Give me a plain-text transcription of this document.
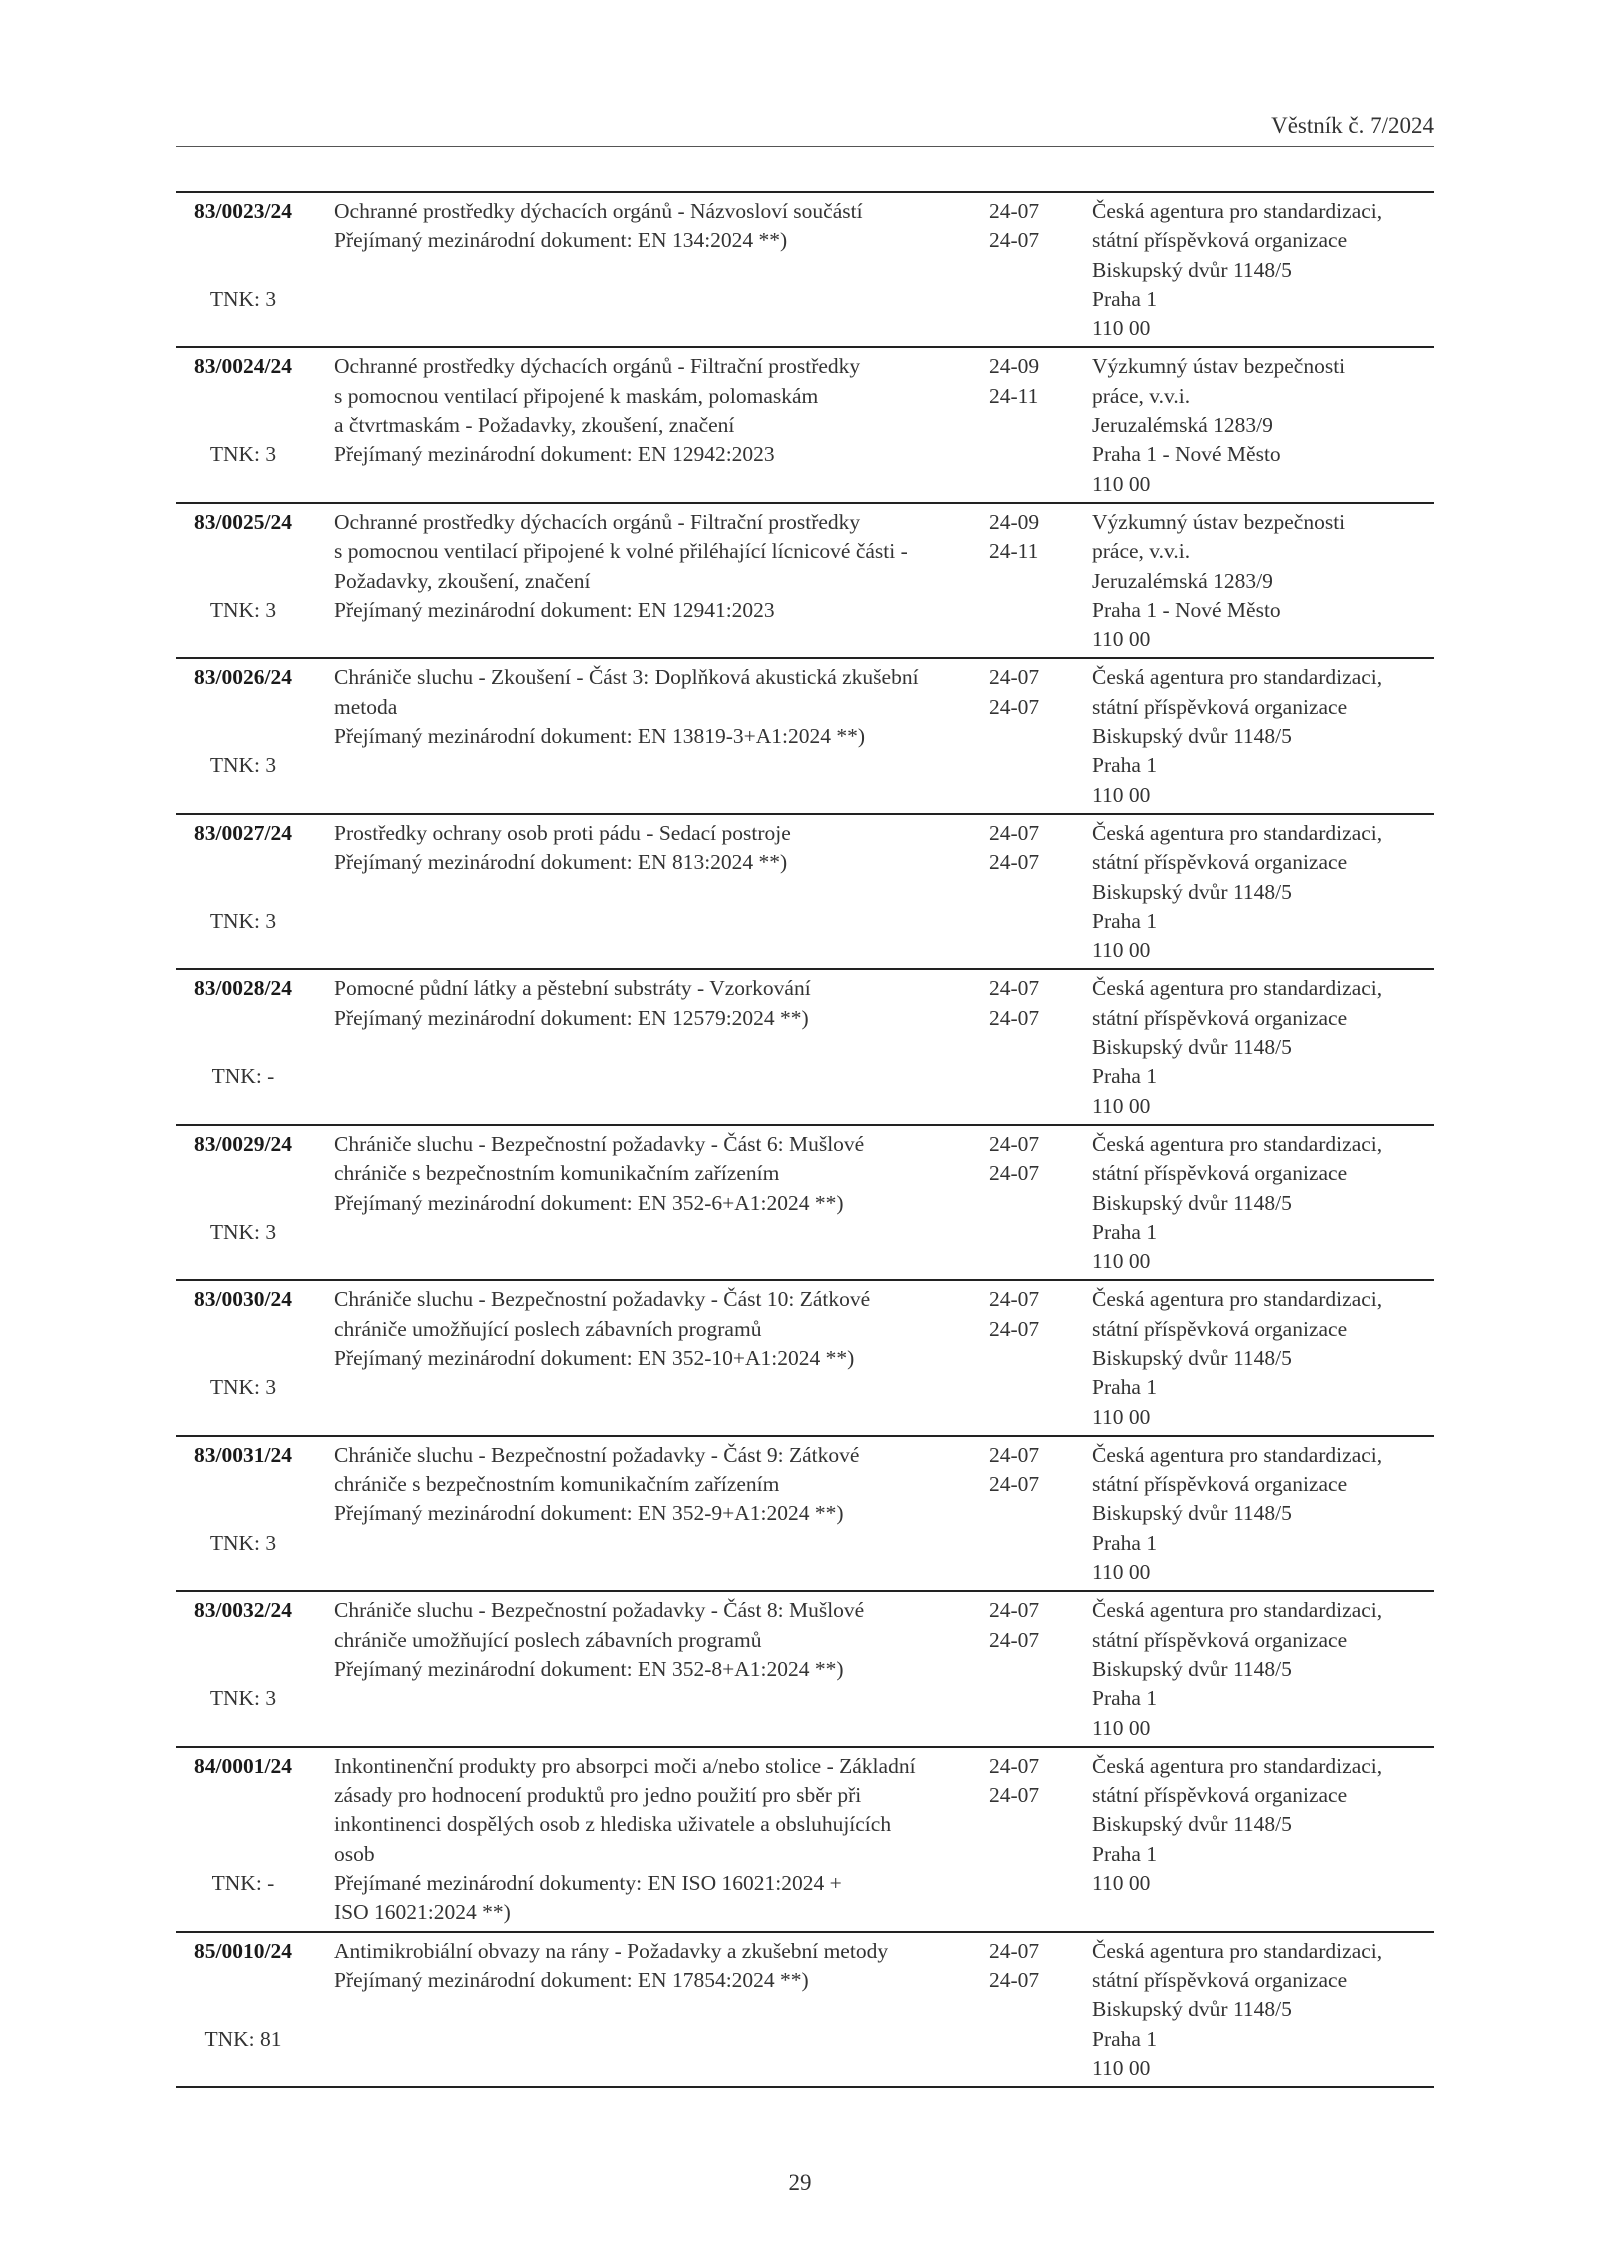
Věstník č. 7/2024
83/0023/24
TNK: 3
Ochranné prostředky dýchacích orgánů - Názvosloví součástí
Přejímaný mezinárodní dokument: EN 134:2024 **)
24-07
24-07
Česká agentura pro standardizaci,
státní příspěvková organizace
Biskupský dvůr 1148/5
Praha 1
110 00
83/0024/24
TNK: 3
Ochranné prostředky dýchacích orgánů - Filtrační prostředky
s pomocnou ventilací připojené k maskám, polomaskám
a čtvrtmaskám - Požadavky, zkoušení, značení
Přejímaný mezinárodní dokument: EN 12942:2023
24-09
24-11
Výzkumný ústav bezpečnosti
práce, v.v.i.
Jeruzalémská 1283/9
Praha 1 - Nové Město
110 00
83/0025/24
TNK: 3
Ochranné prostředky dýchacích orgánů - Filtrační prostředky
s pomocnou ventilací připojené k volné přiléhající lícnicové části -
Požadavky, zkoušení, značení
Přejímaný mezinárodní dokument: EN 12941:2023
24-09
24-11
Výzkumný ústav bezpečnosti
práce, v.v.i.
Jeruzalémská 1283/9
Praha 1 - Nové Město
110 00
83/0026/24
TNK: 3
Chrániče sluchu - Zkoušení - Část 3: Doplňková akustická zkušební
metoda
Přejímaný mezinárodní dokument: EN 13819-3+A1:2024 **)
24-07
24-07
Česká agentura pro standardizaci,
státní příspěvková organizace
Biskupský dvůr 1148/5
Praha 1
110 00
83/0027/24
TNK: 3
Prostředky ochrany osob proti pádu - Sedací postroje
Přejímaný mezinárodní dokument: EN 813:2024 **)
24-07
24-07
Česká agentura pro standardizaci,
státní příspěvková organizace
Biskupský dvůr 1148/5
Praha 1
110 00
83/0028/24
TNK: -
Pomocné půdní látky a pěstební substráty - Vzorkování
Přejímaný mezinárodní dokument: EN 12579:2024 **)
24-07
24-07
Česká agentura pro standardizaci,
státní příspěvková organizace
Biskupský dvůr 1148/5
Praha 1
110 00
83/0029/24
TNK: 3
Chrániče sluchu - Bezpečnostní požadavky - Část 6: Mušlové
chrániče s bezpečnostním komunikačním zařízením
Přejímaný mezinárodní dokument: EN 352-6+A1:2024 **)
24-07
24-07
Česká agentura pro standardizaci,
státní příspěvková organizace
Biskupský dvůr 1148/5
Praha 1
110 00
83/0030/24
TNK: 3
Chrániče sluchu - Bezpečnostní požadavky - Část 10: Zátkové
chrániče umožňující poslech zábavních programů
Přejímaný mezinárodní dokument: EN 352-10+A1:2024 **)
24-07
24-07
Česká agentura pro standardizaci,
státní příspěvková organizace
Biskupský dvůr 1148/5
Praha 1
110 00
83/0031/24
TNK: 3
Chrániče sluchu - Bezpečnostní požadavky - Část 9: Zátkové
chrániče s bezpečnostním komunikačním zařízením
Přejímaný mezinárodní dokument: EN 352-9+A1:2024 **)
24-07
24-07
Česká agentura pro standardizaci,
státní příspěvková organizace
Biskupský dvůr 1148/5
Praha 1
110 00
83/0032/24
TNK: 3
Chrániče sluchu - Bezpečnostní požadavky - Část 8: Mušlové
chrániče umožňující poslech zábavních programů
Přejímaný mezinárodní dokument: EN 352-8+A1:2024 **)
24-07
24-07
Česká agentura pro standardizaci,
státní příspěvková organizace
Biskupský dvůr 1148/5
Praha 1
110 00
84/0001/24
TNK: -
Inkontinenční produkty pro absorpci moči a/nebo stolice - Základní
zásady pro hodnocení produktů pro jedno použití pro sběr při
inkontinenci dospělých osob z hlediska uživatele a obsluhujících
osob
Přejímané mezinárodní dokumenty: EN ISO 16021:2024 +
ISO 16021:2024 **)
24-07
24-07
Česká agentura pro standardizaci,
státní příspěvková organizace
Biskupský dvůr 1148/5
Praha 1
110 00
85/0010/24
TNK: 81
Antimikrobiální obvazy na rány - Požadavky a zkušební metody
Přejímaný mezinárodní dokument: EN 17854:2024 **)
24-07
24-07
Česká agentura pro standardizaci,
státní příspěvková organizace
Biskupský dvůr 1148/5
Praha 1
110 00
29
